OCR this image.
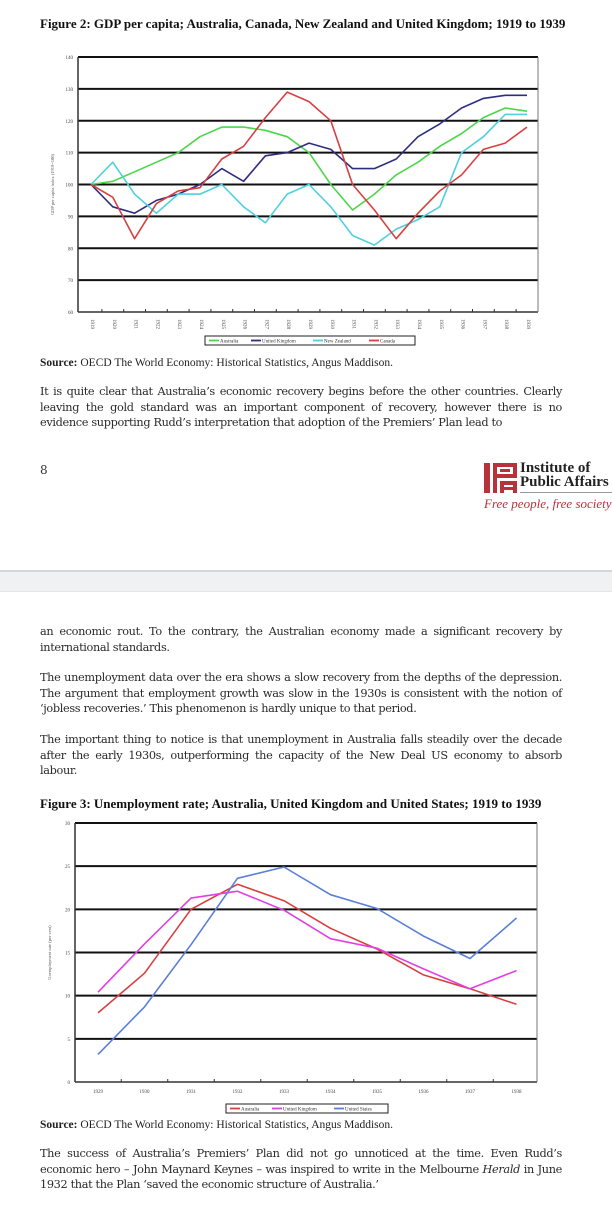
Figure 2: GDP per capita; Australia, Canada, New Zealand and United Kingdom; 1919 to 1939
60
70
80
90
100
110
120
130
140
1919	1920	1921	1922	1923	1924	1925	1926	1927	1928	1929	1930	1931	1932	1933	1934	1935	1936	1937	1938	1939
GDP per capita index (1919=100)
Australia	United Kingdom	New Zealand	Canada
Source: OECD The World Economy: Historical Statistics, Angus Maddison.
It is quite clear that Australia’s economic recovery begins before the other countries. Clearly leaving the gold standard was an important component of recovery, however there is no evidence supporting Rudd’s interpretation that adoption of the Premiers’ Plan lead to
8	Institute of
Public Affairs
Free people, free society
an economic rout. To the contrary, the Australian economy made a significant recovery by international standards.
The unemployment data over the era shows a slow recovery from the depths of the depression. The argument that employment growth was slow in the 1930s is consistent with the notion of ‘jobless recoveries.’ This phenomenon is hardly unique to that period.
The important thing to notice is that unemployment in Australia falls steadily over the decade after the early 1930s, outperforming the capacity of the New Deal US economy to absorb labour.
Figure 3: Unemployment rate; Australia, United Kingdom and United States; 1919 to 1939
0
5
10
15
20
25
30
1929	1930	1931	1932	1933	1934	1935	1936	1937	1938
Unemployment rate (per cent)
Australia	United Kingdom	United States
Source: OECD The World Economy: Historical Statistics, Angus Maddison.
The success of Australia’s Premiers’ Plan did not go unnoticed at the time. Even Rudd’s economic hero – John Maynard Keynes – was inspired to write in the Melbourne Herald in June 1932 that the Plan ‘saved the economic structure of Australia.’
